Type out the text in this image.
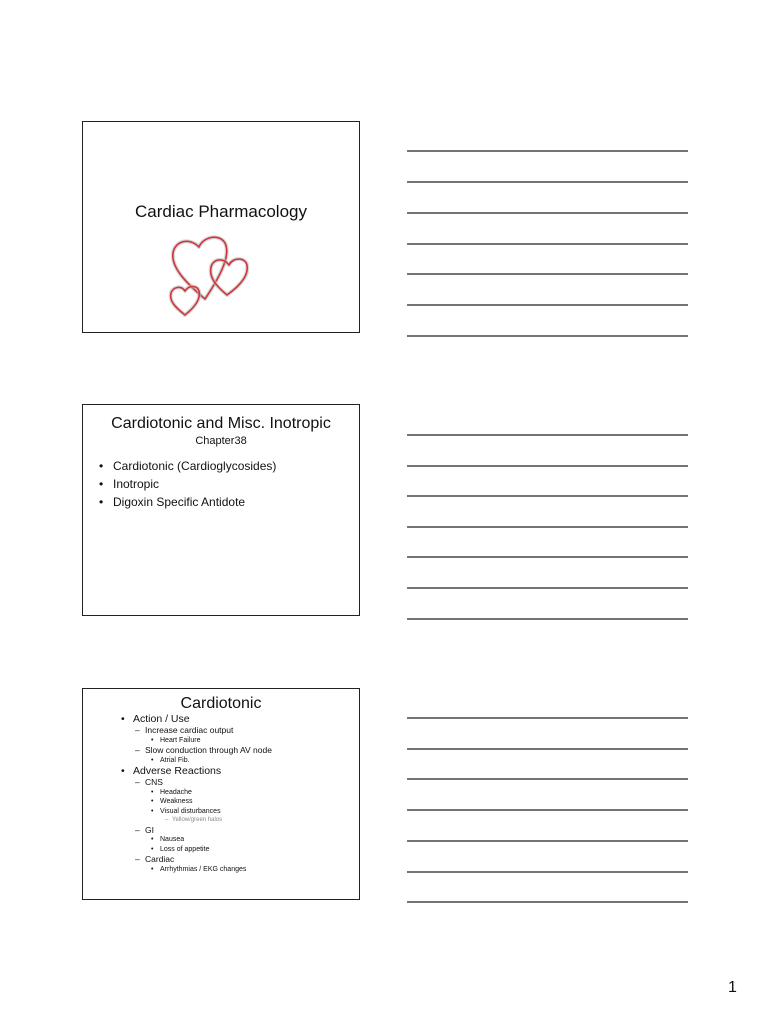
Cardiac Pharmacology
Cardiotonic and Misc. Inotropic
Chapter38
• Cardiotonic (Cardioglycosides)
• Inotropic
• Digoxin Specific Antidote
Cardiotonic
• Action / Use
– Increase cardiac output
• Heart Failure
– Slow conduction through AV node
• Atrial Fib.
• Adverse Reactions
– CNS
• Headache
• Weakness
• Visual disturbances
– Yellow/green halos
– GI
• Nausea
• Loss of appetite
– Cardiac
• Arrhythmias / EKG changes
1
